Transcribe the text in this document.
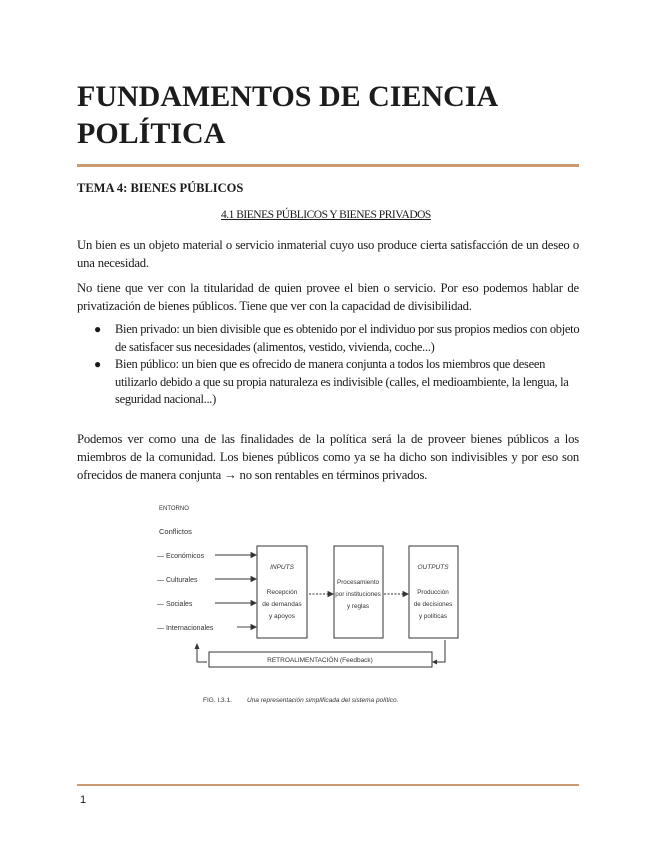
FUNDAMENTOS DE CIENCIA
POLÍTICA

TEMA 4: BIENES PÚBLICOS

4.1 BIENES PÚBLICOS Y BIENES PRIVADOS

Un bien es un objeto material o servicio inmaterial cuyo uso produce cierta satisfacción de un deseo o una necesidad.

No tiene que ver con la titularidad de quien provee el bien o servicio. Por eso podemos hablar de privatización de bienes públicos. Tiene que ver con la capacidad de divisibilidad.

● Bien privado: un bien divisible que es obtenido por el individuo por sus propios medios con objeto de satisfacer sus necesidades (alimentos, vestido, vivienda, coche...)
● Bien público: un bien que es ofrecido de manera conjunta a todos los miembros que deseen utilizarlo debido a que su propia naturaleza es indivisible (calles, el medioambiente, la lengua, la seguridad nacional...)

Podemos ver como una de las finalidades de la política será la de proveer bienes públicos a los miembros de la comunidad. Los bienes públicos como ya se ha dicho son indivisibles y por eso son ofrecidos de manera conjunta → no son rentables en términos privados.

ENTORNO
Conflictos
— Económicos
— Culturales
— Sociales
— Internacionales
INPUTS
Recepción
de demandas
y apoyos
Procesamiento
por instituciones
y reglas
OUTPUTS
Producción
de decisiones
y políticas
RETROALIMENTACIÓN (Feedback)
FIG. I.3.1. Una representación simplificada del sistema político.

1
